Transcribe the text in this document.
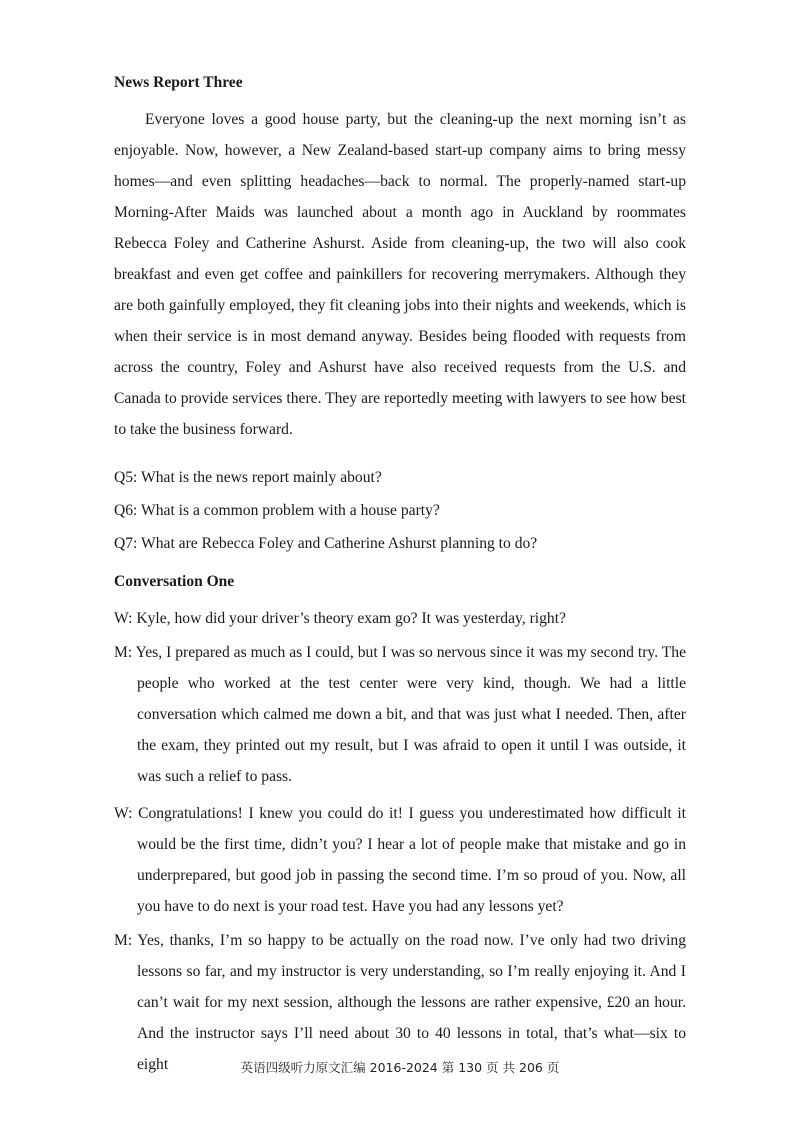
News Report Three

Everyone loves a good house party, but the cleaning-up the next morning isn’t as enjoyable. Now, however, a New Zealand-based start-up company aims to bring messy homes—and even splitting headaches—back to normal. The properly-named start-up Morning-After Maids was launched about a month ago in Auckland by roommates Rebecca Foley and Catherine Ashurst. Aside from cleaning-up, the two will also cook breakfast and even get coffee and painkillers for recovering merrymakers. Although they are both gainfully employed, they fit cleaning jobs into their nights and weekends, which is when their service is in most demand anyway. Besides being flooded with requests from across the country, Foley and Ashurst have also received requests from the U.S. and Canada to provide services there. They are reportedly meeting with lawyers to see how best to take the business forward.

Q5: What is the news report mainly about?

Q6: What is a common problem with a house party?

Q7: What are Rebecca Foley and Catherine Ashurst planning to do?

Conversation One

W: Kyle, how did your driver’s theory exam go? It was yesterday, right?

M: Yes, I prepared as much as I could, but I was so nervous since it was my second try. The people who worked at the test center were very kind, though. We had a little conversation which calmed me down a bit, and that was just what I needed. Then, after the exam, they printed out my result, but I was afraid to open it until I was outside, it was such a relief to pass.

W: Congratulations! I knew you could do it! I guess you underestimated how difficult it would be the first time, didn’t you? I hear a lot of people make that mistake and go in underprepared, but good job in passing the second time. I’m so proud of you. Now, all you have to do next is your road test. Have you had any lessons yet?

M: Yes, thanks, I’m so happy to be actually on the road now. I’ve only had two driving lessons so far, and my instructor is very understanding, so I’m really enjoying it. And I can’t wait for my next session, although the lessons are rather expensive, £20 an hour. And the instructor says I’ll need about 30 to 40 lessons in total, that’s what—six to eight	英语四级听力原文汇编 2016-2024 第 130 页 共 206 页
